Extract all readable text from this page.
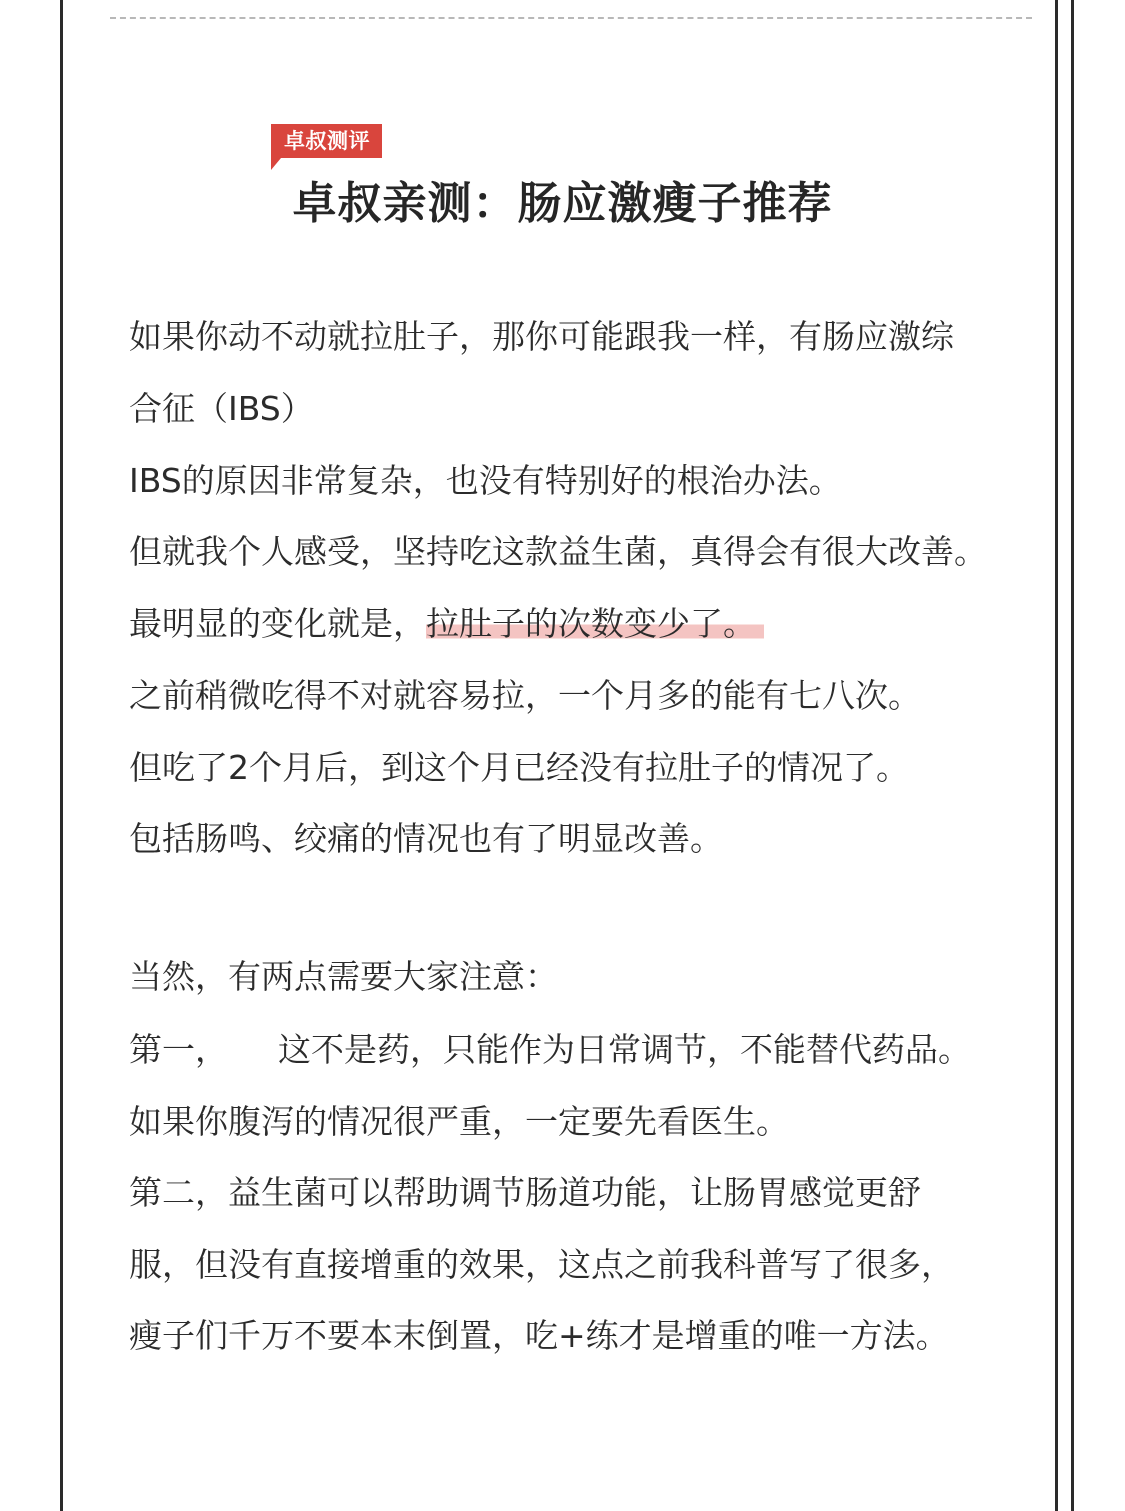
卓叔测评
卓叔亲测：肠应激瘦子推荐
如果你动不动就拉肚子，那你可能跟我一样，有肠应激综
合征（IBS）
IBS的原因非常复杂，也没有特别好的根治办法。
但就我个人感受，坚持吃这款益生菌，真得会有很大改善。
最明显的变化就是，拉肚子的次数变少了。
之前稍微吃得不对就容易拉，一个月多的能有七八次。
但吃了2个月后，到这个月已经没有拉肚子的情况了。
包括肠鸣、绞痛的情况也有了明显改善。
当然，有两点需要大家注意：
第一， 这不是药，只能作为日常调节，不能替代药品。
如果你腹泻的情况很严重，一定要先看医生。
第二，益生菌可以帮助调节肠道功能，让肠胃感觉更舒
服，但没有直接增重的效果，这点之前我科普写了很多，
瘦子们千万不要本末倒置，吃+练才是增重的唯一方法。
